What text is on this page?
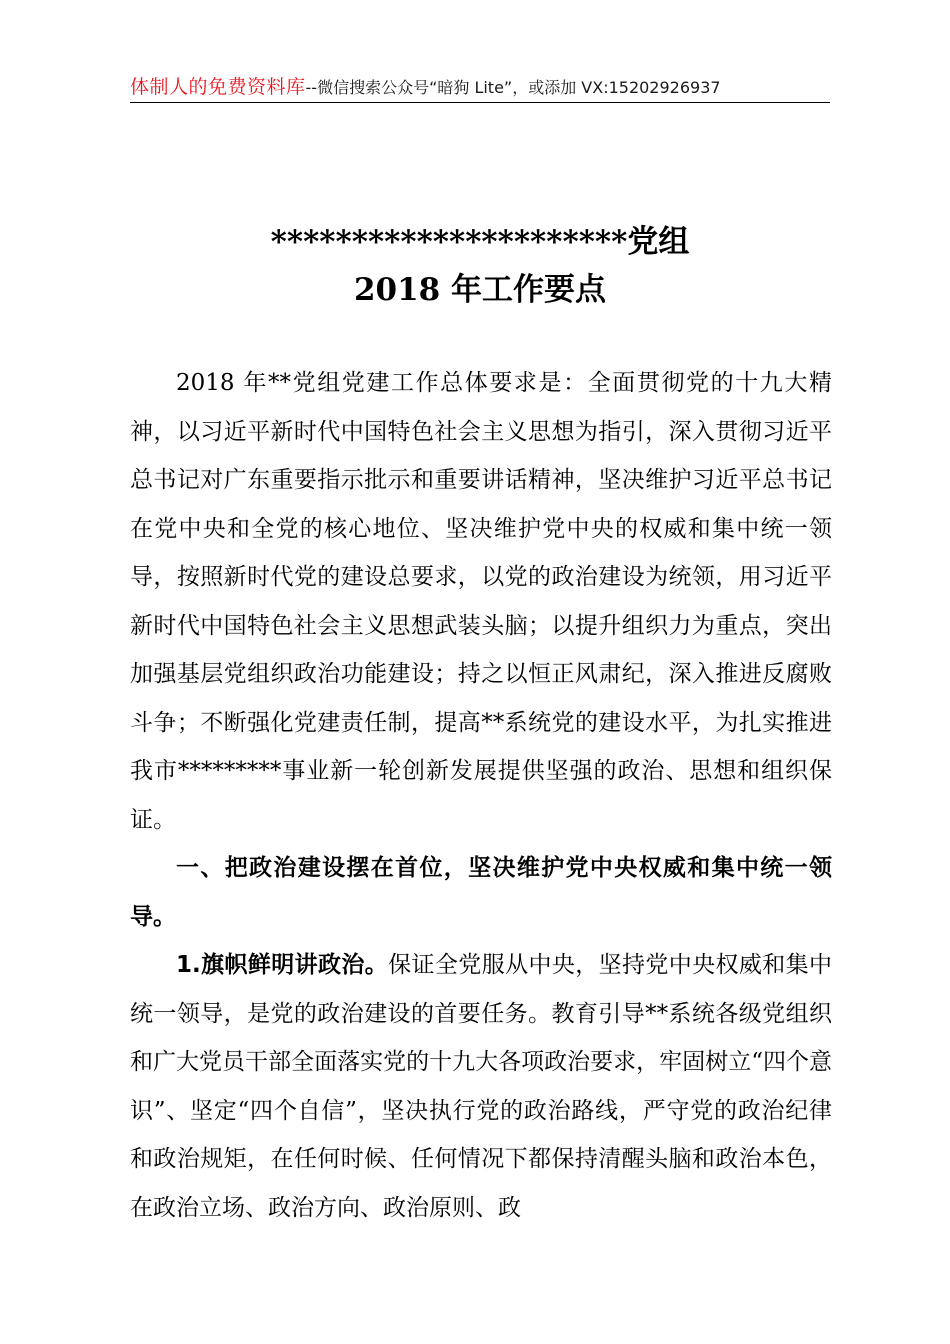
体制人的免费资料库--微信搜索公众号“暗狗 Lite”，或添加 VX:15202926937
**********************党组
2018 年工作要点

2018 年**党组党建工作总体要求是：全面贯彻党的十九大精神，以习近平新时代中国特色社会主义思想为指引，深入贯彻习近平总书记对广东重要指示批示和重要讲话精神，坚决维护习近平总书记在党中央和全党的核心地位、坚决维护党中央的权威和集中统一领导，按照新时代党的建设总要求，以党的政治建设为统领，用习近平新时代中国特色社会主义思想武装头脑；以提升组织力为重点，突出加强基层党组织政治功能建设；持之以恒正风肃纪，深入推进反腐败斗争；不断强化党建责任制，提高**系统党的建设水平，为扎实推进我市*********事业新一轮创新发展提供坚强的政治、思想和组织保证。

一、把政治建设摆在首位，坚决维护党中央权威和集中统一领导。

1.旗帜鲜明讲政治。保证全党服从中央，坚持党中央权威和集中统一领导，是党的政治建设的首要任务。教育引导**系统各级党组织和广大党员干部全面落实党的十九大各项政治要求，牢固树立“四个意识”、坚定“四个自信”，坚决执行党的政治路线，严守党的政治纪律和政治规矩，在任何时候、任何情况下都保持清醒头脑和政治本色，在政治立场、政治方向、政治原则、政
